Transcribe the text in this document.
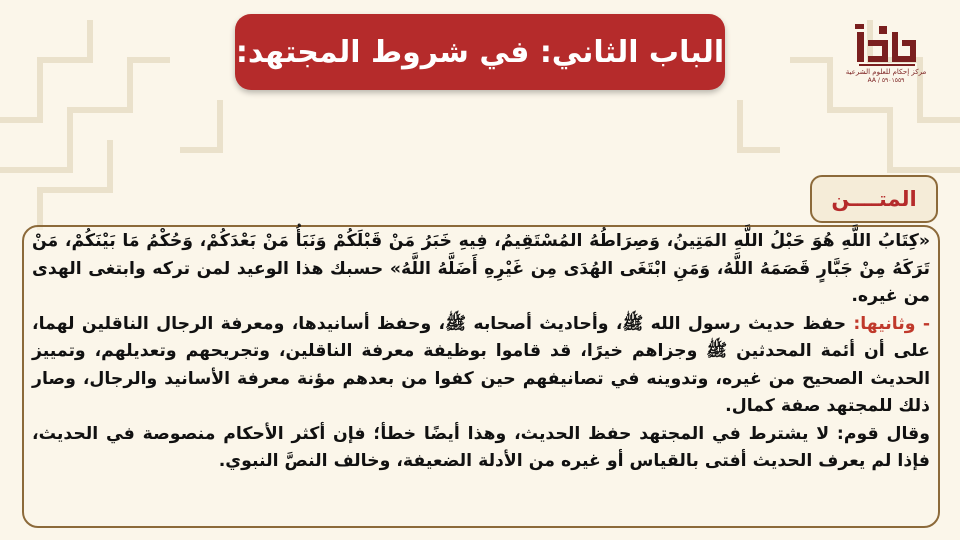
الباب الثاني: في شروط المجتهد:
مركز إحكام للعلوم الشرعية
AA / ٥٩٠١٥٥٩
المتــــن

«كِتَابُ اللَّهِ هُوَ حَبْلُ اللَّهِ المَتِينُ، وَصِرَاطُهُ المُسْتَقِيمُ، فِيهِ خَبَرُ مَنْ قَبْلَكُمْ وَنَبَأُ مَنْ بَعْدَكُمْ، وَحُكْمُ مَا بَيْنَكُمْ، مَنْ تَرَكَهُ مِنْ جَبَّارٍ قَصَمَهُ اللَّهُ، وَمَنِ ابْتَغَى الهُدَى مِن غَيْرِهِ أَضَلَّهُ اللَّهُ» حسبك هذا الوعيد لمن تركه وابتغى الهدى من غيره.

- وثانيها: حفظ حديث رسول الله ﷺ، وأحاديث أصحابه ﷺ، وحفظ أسانيدها، ومعرفة الرجال الناقلين لهما، على أن أئمة المحدثين ﷺ وجزاهم خيرًا، قد قاموا بوظيفة معرفة الناقلين، وتجريحهم وتعديلهم، وتمييز الحديث الصحيح من غيره، وتدوينه في تصانيفهم حين كفوا من بعدهم مؤنة معرفة الأسانيد والرجال، وصار ذلك للمجتهد صفة كمال.

وقال قوم: لا يشترط في المجتهد حفظ الحديث، وهذا أيضًا خطأ؛ فإن أكثر الأحكام منصوصة في الحديث، فإذا لم يعرف الحديث أفتى بالقياس أو غيره من الأدلة الضعيفة، وخالف النصَّ النبوي.
